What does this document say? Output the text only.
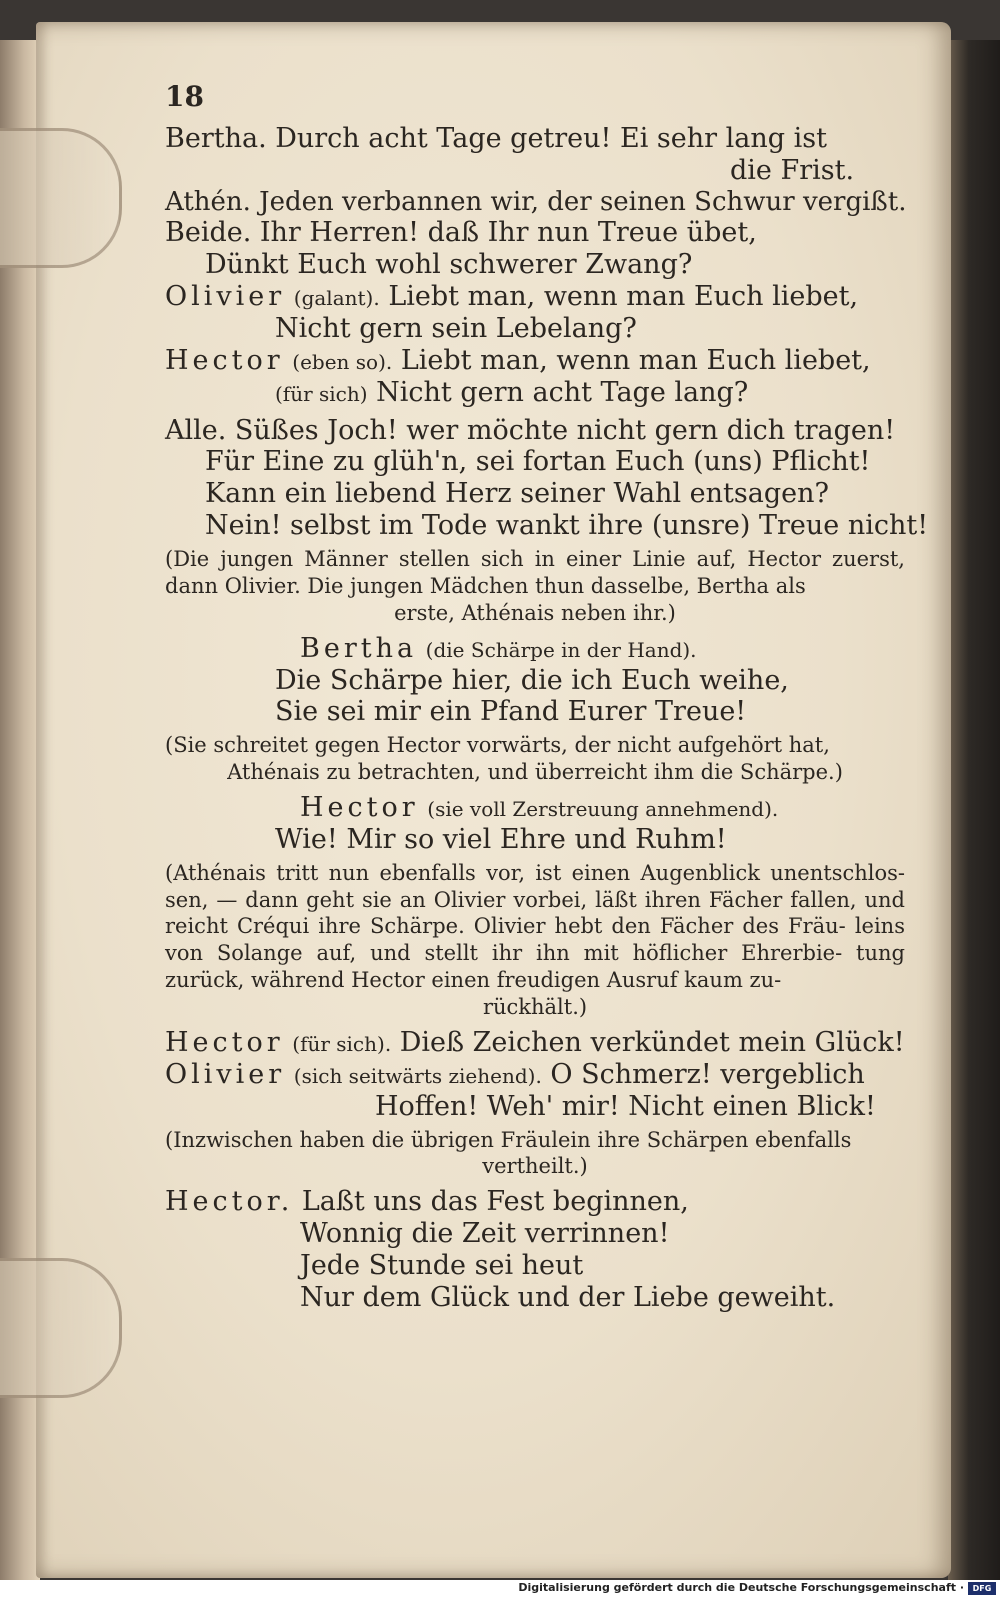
18

Bertha. Durch acht Tage getreu! Ei sehr lang ist

die Frist.

Athén. Jeden verbannen wir, der seinen Schwur vergißt.

Beide. Ihr Herren! daß Ihr nun Treue übet,

Dünkt Euch wohl schwerer Zwang?

Olivier (galant). Liebt man, wenn man Euch liebet,

Nicht gern sein Lebelang?

Hector (eben so). Liebt man, wenn man Euch liebet,

(für sich) Nicht gern acht Tage lang?

Alle. Süßes Joch! wer möchte nicht gern dich tragen!

Für Eine zu glüh'n, sei fortan Euch (uns) Pflicht!

Kann ein liebend Herz seiner Wahl entsagen?

Nein! selbst im Tode wankt ihre (unsre) Treue nicht!

(Die jungen Männer stellen sich in einer Linie auf, Hector zuerst, dann Olivier. Die jungen Mädchen thun dasselbe, Bertha als
erste, Athénais neben ihr.)

Bertha (die Schärpe in der Hand).

Die Schärpe hier, die ich Euch weihe,

Sie sei mir ein Pfand Eurer Treue!

(Sie schreitet gegen Hector vorwärts, der nicht aufgehört hat,
Athénais zu betrachten, und überreicht ihm die Schärpe.)

Hector (sie voll Zerstreuung annehmend).

Wie! Mir so viel Ehre und Ruhm!

(Athénais tritt nun ebenfalls vor, ist einen Augenblick unentschlos- sen, — dann geht sie an Olivier vorbei, läßt ihren Fächer fallen, und reicht Créqui ihre Schärpe. Olivier hebt den Fächer des Fräu- leins von Solange auf, und stellt ihr ihn mit höflicher Ehrerbie- tung zurück, während Hector einen freudigen Ausruf kaum zu-
rückhält.)

Hector (für sich). Dieß Zeichen verkündet mein Glück!

Olivier (sich seitwärts ziehend). O Schmerz! vergeblich

Hoffen! Weh' mir! Nicht einen Blick!

(Inzwischen haben die übrigen Fräulein ihre Schärpen ebenfalls
vertheilt.)

Hector. Laßt uns das Fest beginnen,

Wonnig die Zeit verrinnen!

Jede Stunde sei heut

Nur dem Glück und der Liebe geweiht.

Digitalisierung gefördert durch die Deutsche Forschungsgemeinschaft ·	DFG
